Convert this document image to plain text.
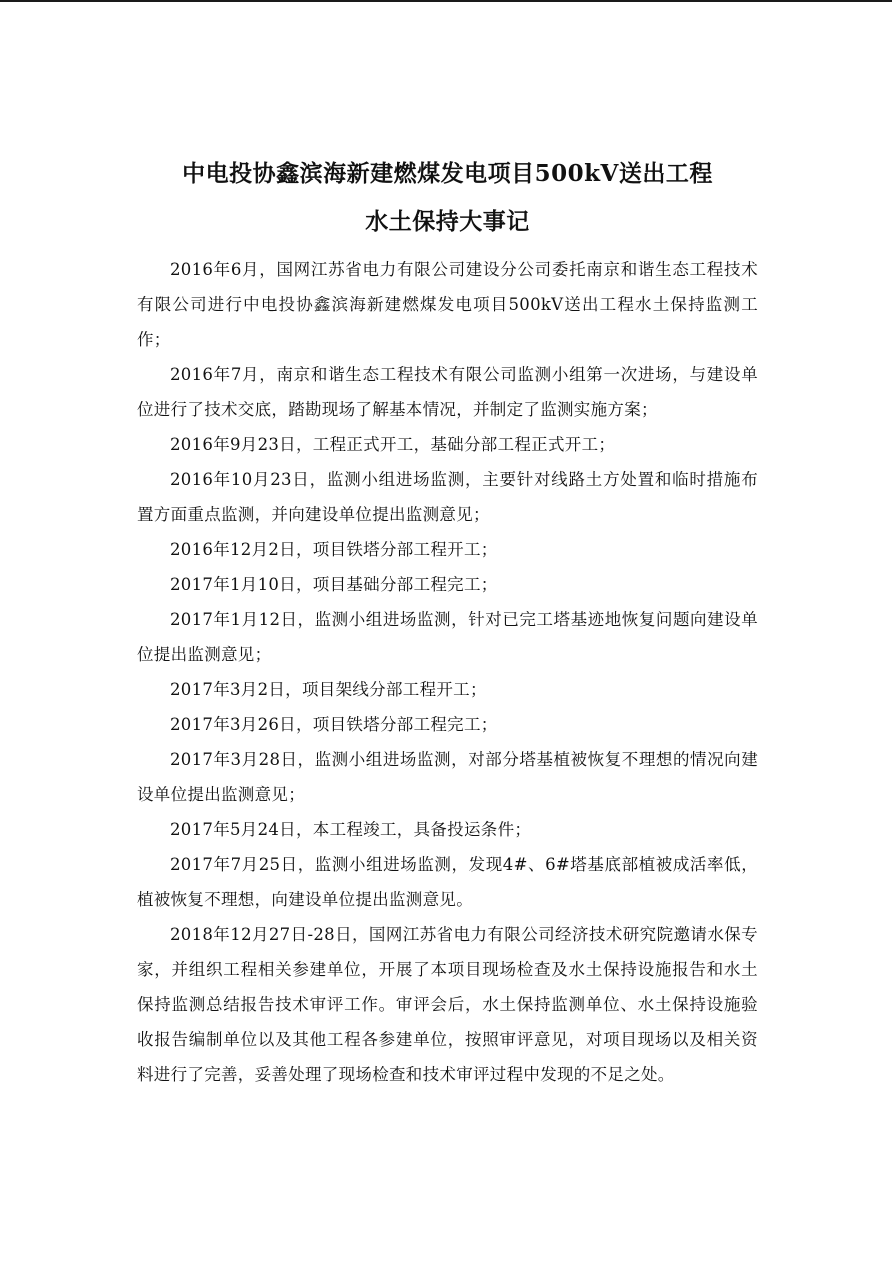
中电投协鑫滨海新建燃煤发电项目500kV送出工程
水土保持大事记

2016年6月，国网江苏省电力有限公司建设分公司委托南京和谐生态工程技术有限公司进行中电投协鑫滨海新建燃煤发电项目500kV送出工程水土保持监测工作；

2016年7月，南京和谐生态工程技术有限公司监测小组第一次进场，与建设单位进行了技术交底，踏勘现场了解基本情况，并制定了监测实施方案；

2016年9月23日，工程正式开工，基础分部工程正式开工；

2016年10月23日，监测小组进场监测，主要针对线路土方处置和临时措施布置方面重点监测，并向建设单位提出监测意见；

2016年12月2日，项目铁塔分部工程开工；

2017年1月10日，项目基础分部工程完工；

2017年1月12日，监测小组进场监测，针对已完工塔基迹地恢复问题向建设单位提出监测意见；

2017年3月2日，项目架线分部工程开工；

2017年3月26日，项目铁塔分部工程完工；

2017年3月28日，监测小组进场监测，对部分塔基植被恢复不理想的情况向建设单位提出监测意见；

2017年5月24日，本工程竣工，具备投运条件；

2017年7月25日，监测小组进场监测，发现4#、6#塔基底部植被成活率低，植被恢复不理想，向建设单位提出监测意见。

2018年12月27日-28日，国网江苏省电力有限公司经济技术研究院邀请水保专家，并组织工程相关参建单位，开展了本项目现场检查及水土保持设施报告和水土保持监测总结报告技术审评工作。审评会后，水土保持监测单位、水土保持设施验收报告编制单位以及其他工程各参建单位，按照审评意见，对项目现场以及相关资料进行了完善，妥善处理了现场检查和技术审评过程中发现的不足之处。
